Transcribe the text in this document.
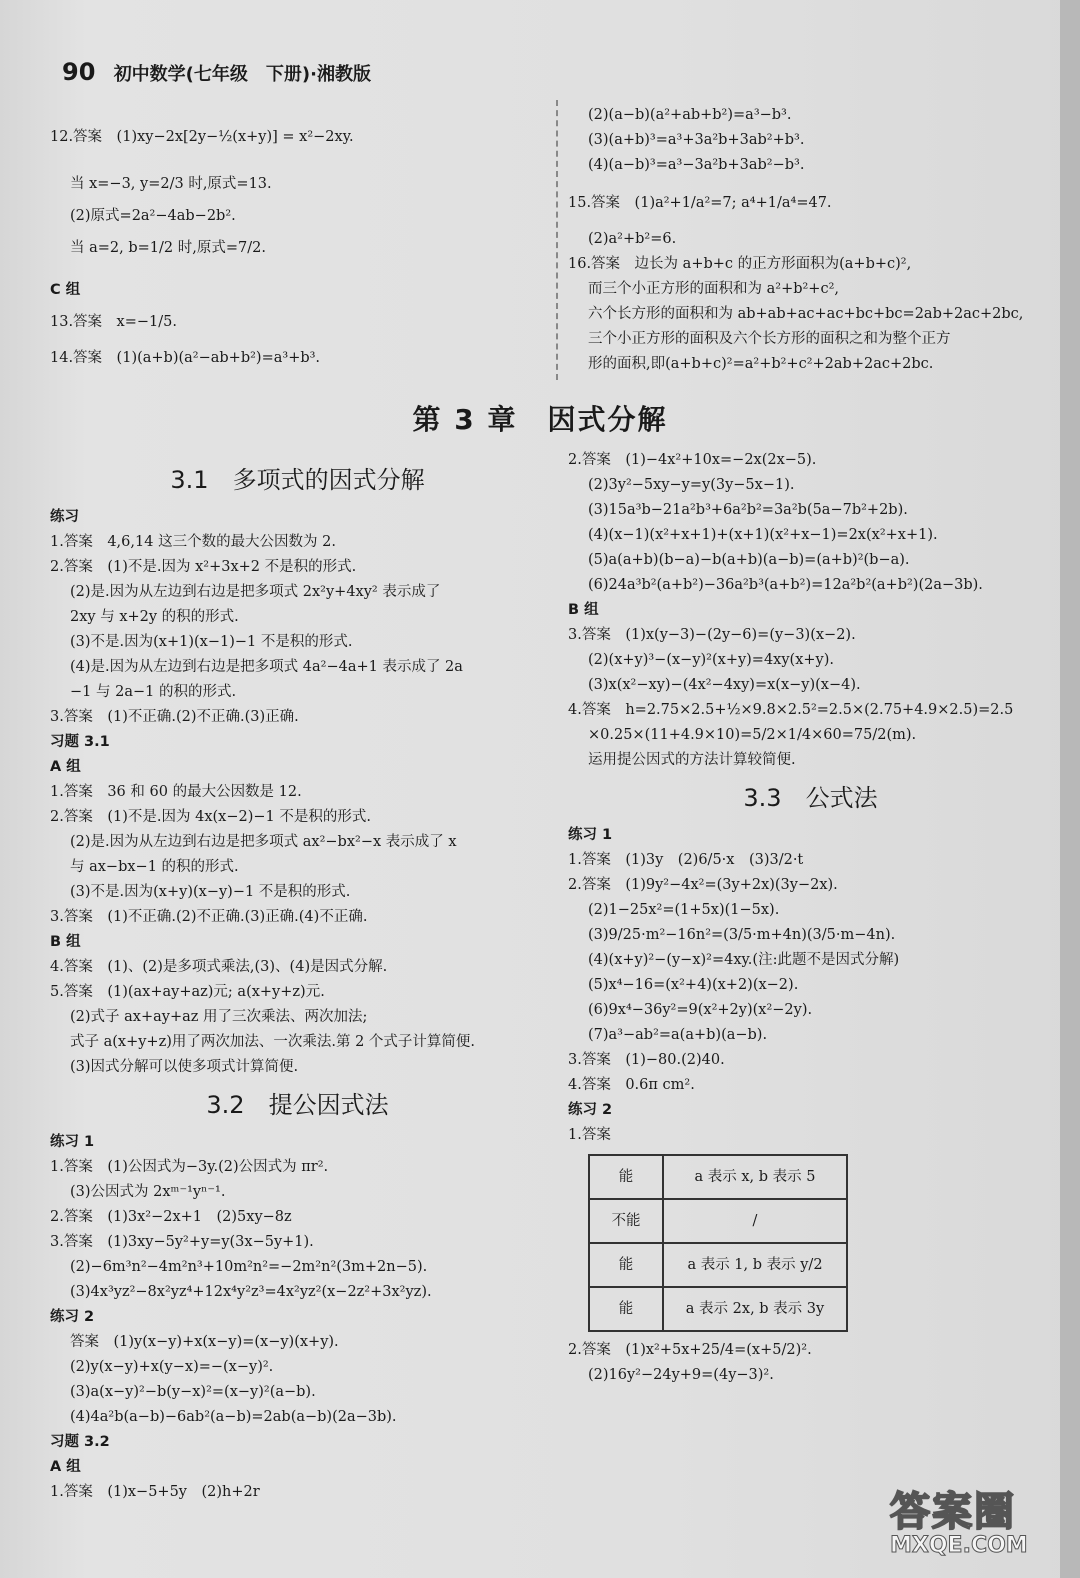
90 初中数学(七年级　下册)·湘教版
12.答案　(1)xy−2x[2y−½(x+y)] = x²−2xy.
当 x=−3, y=2/3 时,原式=13.
(2)原式=2a²−4ab−2b².
当 a=2, b=1/2 时,原式=7/2.
C 组
13.答案　x=−1/5.
14.答案　(1)(a+b)(a²−ab+b²)=a³+b³.
(2)(a−b)(a²+ab+b²)=a³−b³.
(3)(a+b)³=a³+3a²b+3ab²+b³.
(4)(a−b)³=a³−3a²b+3ab²−b³.
15.答案　(1)a²+1/a²=7; a⁴+1/a⁴=47.
(2)a²+b²=6.
16.答案　边长为 a+b+c 的正方形面积为(a+b+c)²,
而三个小正方形的面积和为 a²+b²+c²,
六个长方形的面积和为 ab+ab+ac+ac+bc+bc=2ab+2ac+2bc,
三个小正方形的面积及六个长方形的面积之和为整个正方
形的面积,即(a+b+c)²=a²+b²+c²+2ab+2ac+2bc.
第 3 章　因式分解
3.1　多项式的因式分解
练习
1.答案　4,6,14 这三个数的最大公因数为 2.
2.答案　(1)不是.因为 x²+3x+2 不是积的形式.
(2)是.因为从左边到右边是把多项式 2x²y+4xy² 表示成了
2xy 与 x+2y 的积的形式.
(3)不是.因为(x+1)(x−1)−1 不是积的形式.
(4)是.因为从左边到右边是把多项式 4a²−4a+1 表示成了 2a
−1 与 2a−1 的积的形式.
3.答案　(1)不正确.(2)不正确.(3)正确.
习题 3.1
A 组
1.答案　36 和 60 的最大公因数是 12.
2.答案　(1)不是.因为 4x(x−2)−1 不是积的形式.
(2)是.因为从左边到右边是把多项式 ax²−bx²−x 表示成了 x
与 ax−bx−1 的积的形式.
(3)不是.因为(x+y)(x−y)−1 不是积的形式.
3.答案　(1)不正确.(2)不正确.(3)正确.(4)不正确.
B 组
4.答案　(1)、(2)是多项式乘法,(3)、(4)是因式分解.
5.答案　(1)(ax+ay+az)元; a(x+y+z)元.
(2)式子 ax+ay+az 用了三次乘法、两次加法;
式子 a(x+y+z)用了两次加法、一次乘法.第 2 个式子计算简便.
(3)因式分解可以使多项式计算简便.
3.2　提公因式法
练习 1
1.答案　(1)公因式为−3y.(2)公因式为 πr².
(3)公因式为 2xᵐ⁻¹yⁿ⁻¹.
2.答案　(1)3x²−2x+1　(2)5xy−8z
3.答案　(1)3xy−5y²+y=y(3x−5y+1).
(2)−6m³n²−4m²n³+10m²n²=−2m²n²(3m+2n−5).
(3)4x³yz²−8x²yz⁴+12x⁴y²z³=4x²yz²(x−2z²+3x²yz).
练习 2
答案　(1)y(x−y)+x(x−y)=(x−y)(x+y).
(2)y(x−y)+x(y−x)=−(x−y)².
(3)a(x−y)²−b(y−x)²=(x−y)²(a−b).
(4)4a²b(a−b)−6ab²(a−b)=2ab(a−b)(2a−3b).
习题 3.2
A 组
1.答案　(1)x−5+5y　(2)h+2r
2.答案　(1)−4x²+10x=−2x(2x−5).
(2)3y²−5xy−y=y(3y−5x−1).
(3)15a³b−21a²b³+6a²b²=3a²b(5a−7b²+2b).
(4)(x−1)(x²+x+1)+(x+1)(x²+x−1)=2x(x²+x+1).
(5)a(a+b)(b−a)−b(a+b)(a−b)=(a+b)²(b−a).
(6)24a³b²(a+b²)−36a²b³(a+b²)=12a²b²(a+b²)(2a−3b).
B 组
3.答案　(1)x(y−3)−(2y−6)=(y−3)(x−2).
(2)(x+y)³−(x−y)²(x+y)=4xy(x+y).
(3)x(x²−xy)−(4x²−4xy)=x(x−y)(x−4).
4.答案　h=2.75×2.5+½×9.8×2.5²=2.5×(2.75+4.9×2.5)=2.5
×0.25×(11+4.9×10)=5/2×1/4×60=75/2(m).
运用提公因式的方法计算较简便.
3.3　公式法
练习 1
1.答案　(1)3y　(2)6/5·x　(3)3/2·t
2.答案　(1)9y²−4x²=(3y+2x)(3y−2x).
(2)1−25x²=(1+5x)(1−5x).
(3)9/25·m²−16n²=(3/5·m+4n)(3/5·m−4n).
(4)(x+y)²−(y−x)²=4xy.(注:此题不是因式分解)
(5)x⁴−16=(x²+4)(x+2)(x−2).
(6)9x⁴−36y²=9(x²+2y)(x²−2y).
(7)a³−ab²=a(a+b)(a−b).
3.答案　(1)−80.(2)40.
4.答案　0.6π cm².
练习 2
1.答案
能	a 表示 x, b 表示 5
不能	/
能	a 表示 1, b 表示 y/2
能	a 表示 2x, b 表示 3y
2.答案　(1)x²+5x+25/4=(x+5/2)².
(2)16y²−24y+9=(4y−3)².
答案圈
MXQE.COM
